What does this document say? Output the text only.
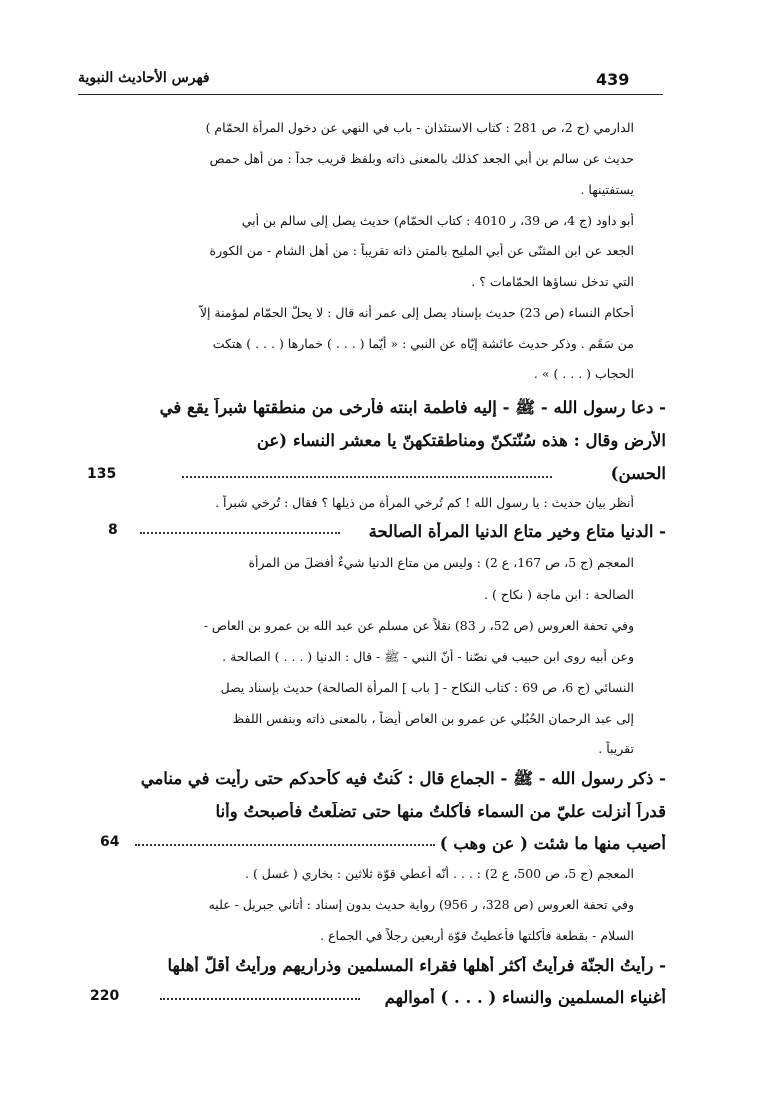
فهرس الأحاديث النبوية	439
الدارمي (ج 2، ص 281 : كتاب الاستئذان - باب في النهي عن دخول المرأة الحمّام )
حديث عن سالم بن أبي الجعد كذلك بالمعنى ذاته وبلفظ قريب جداً : من أهل حمص
يستفتينها .
أبو داود (ج 4، ص 39، ر 4010 : كتاب الحمّام) حديث يصل إلى سالم بن أبي
الجعد عن ابن المثنّى عن أبي المليح بالمتن ذاته تقريباً : من أهل الشام - من الكورة
التي تدخل نساؤها الحمّامات ؟ .
أحكام النساء (ص 23) حديث بإسناد يصل إلى عمر أنه قال : لا يحلّ الحمّام لمؤمنة إلاّ
من سَقَم . وذكر حديث عائشة إيّاه عن النبي : « أيّما ( . . . ) خمارها ( . . . ) هتكت
الحجاب ( . . . ) » .
- دعا رسول الله - ﷺ - إليه فاطمة ابنته فأرخى من منطقتها شبراً يقع في
الأرض وقال : هذه سُنّتكنّ ومناطقتكهنّ يا معشر النساء (عن
الحسن)
135
أنظر بيان حديث : يا رسول الله ! كم تُرخي المرأة من ذيلها ؟ فقال : تُرخي شبراً .
- الدنيا متاع وخير متاع الدنيا المرأة الصالحة
8
المعجم (ج 5، ص 167، ع 2) : وليس من متاع الدنيا شيءٌ أفضلَ من المرأة
الصالحة : ابن ماجة ( نكاح ) .
وفي تحفة العروس (ص 52، ر 83) نقلاً عن مسلم عن عبد الله بن عمرو بن العاص -
وعن أبيه روى ابن حبيب في نصّنا - أنّ النبي - ﷺ - قال : الدنيا ( . . . ) الصالحة .
النسائي (ج 6، ص 69 : كتاب النكاح - [ باب ] المرأة الصالحة) حديث بإسناد يصل
إلى عبد الرحمان الحُبُلي عن عمرو بن العاص أيضاً ، بالمعنى ذاته وبنفس اللفظ
تقريباً .
- ذكر رسول الله - ﷺ - الجماع قال : كُنتُ فيه كأحدكم حتى رأيت في منامي
قدراً أُنزلت عليّ من السماء فأكلتُ منها حتى تضلّعتُ فأصبحتُ وأنا
أُصيب منها ما شئت ( عن وهب )
64
المعجم (ج 5، ص 500، ع 2) : . . . أنّه أُعطي قوّة ثلاثين : بخاري ( غسل ) .
وفي تحفة العروس (ص 328، ر 956) رواية حديث بدون إسناد : أتاني جبريل - عليه
السلام - بقطعة فأكلتها فأعطيتُ قوّة أربعين رجلاً في الجماع .
- رأيتُ الجنّة فرأيتُ أكثر أهلها فقراء المسلمين وذراريهم ورأيتُ أقلّ أهلها
أغنياء المسلمين والنساء ( . . . ) أموالهم
220
